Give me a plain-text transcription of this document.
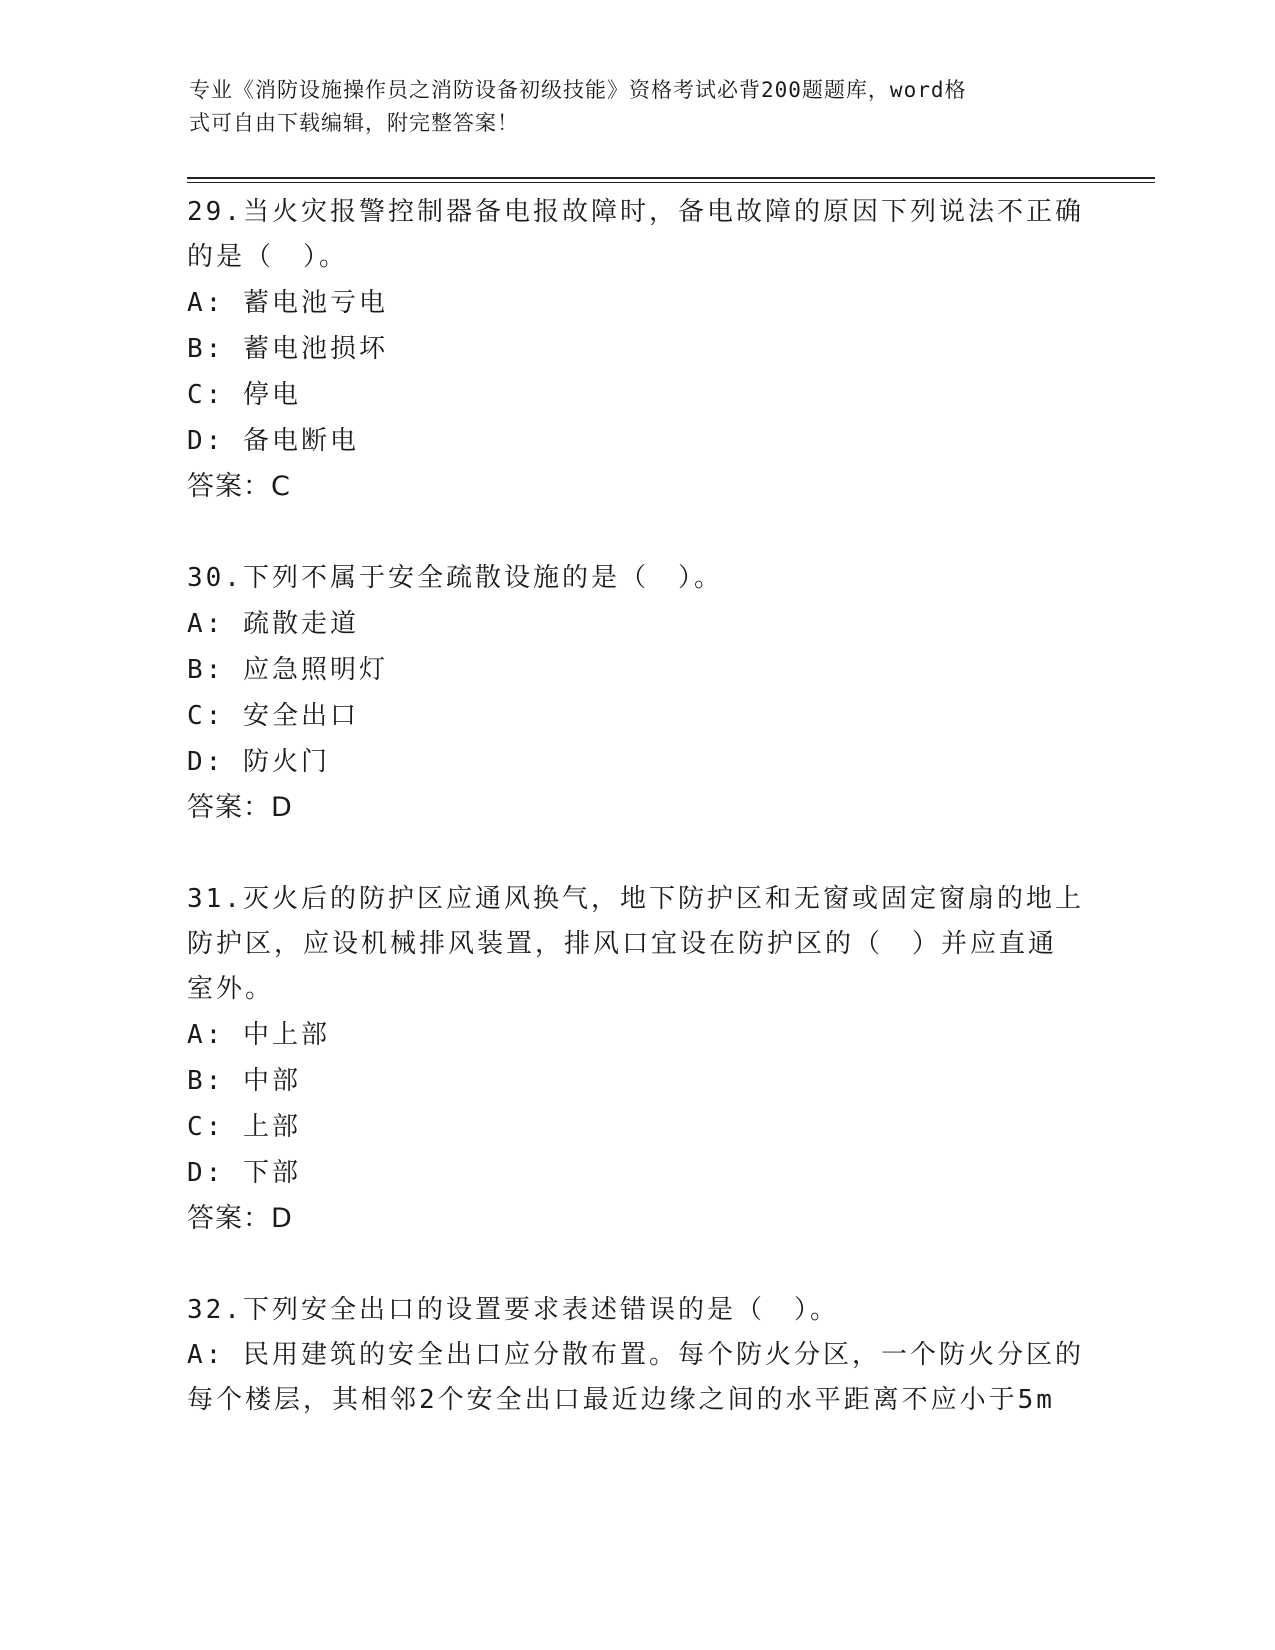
专业《消防设施操作员之消防设备初级技能》资格考试必背200题题库，word格
式可自由下载编辑，附完整答案！

29.当火灾报警控制器备电报故障时，备电故障的原因下列说法不正确
的是（　）。

A: 蓄电池亏电

B: 蓄电池损坏

C: 停电

D: 备电断电

答案：C

30.下列不属于安全疏散设施的是（　）。

A: 疏散走道

B: 应急照明灯

C: 安全出口

D: 防火门

答案：D

31.灭火后的防护区应通风换气，地下防护区和无窗或固定窗扇的地上
防护区，应设机械排风装置，排风口宜设在防护区的（　）并应直通
室外。

A: 中上部

B: 中部

C: 上部

D: 下部

答案：D

32.下列安全出口的设置要求表述错误的是（　）。

A: 民用建筑的安全出口应分散布置。每个防火分区，一个防火分区的
每个楼层，其相邻2个安全出口最近边缘之间的水平距离不应小于5m
